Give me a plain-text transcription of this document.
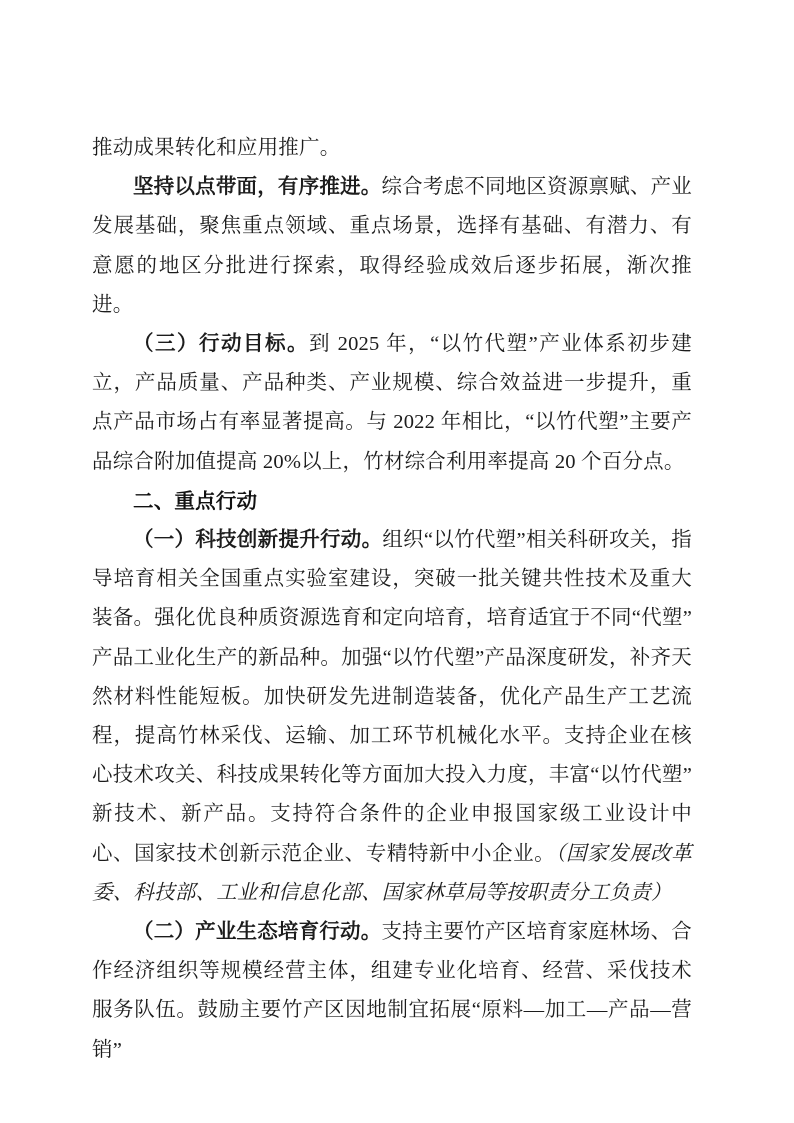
推动成果转化和应用推广。

坚持以点带面，有序推进。综合考虑不同地区资源禀赋、产业发展基础，聚焦重点领域、重点场景，选择有基础、有潜力、有意愿的地区分批进行探索，取得经验成效后逐步拓展，渐次推进。

（三）行动目标。到 2025 年，“以竹代塑”产业体系初步建立，产品质量、产品种类、产业规模、综合效益进一步提升，重点产品市场占有率显著提高。与 2022 年相比，“以竹代塑”主要产品综合附加值提高 20%以上，竹材综合利用率提高 20 个百分点。

二、重点行动

（一）科技创新提升行动。组织“以竹代塑”相关科研攻关，指导培育相关全国重点实验室建设，突破一批关键共性技术及重大装备。强化优良种质资源选育和定向培育，培育适宜于不同“代塑”产品工业化生产的新品种。加强“以竹代塑”产品深度研发，补齐天然材料性能短板。加快研发先进制造装备，优化产品生产工艺流程，提高竹林采伐、运输、加工环节机械化水平。支持企业在核心技术攻关、科技成果转化等方面加大投入力度，丰富“以竹代塑”新技术、新产品。支持符合条件的企业申报国家级工业设计中心、国家技术创新示范企业、专精特新中小企业。（国家发展改革委、科技部、工业和信息化部、国家林草局等按职责分工负责）

（二）产业生态培育行动。支持主要竹产区培育家庭林场、合作经济组织等规模经营主体，组建专业化培育、经营、采伐技术服务队伍。鼓励主要竹产区因地制宜拓展“原料—加工—产品—营销”
